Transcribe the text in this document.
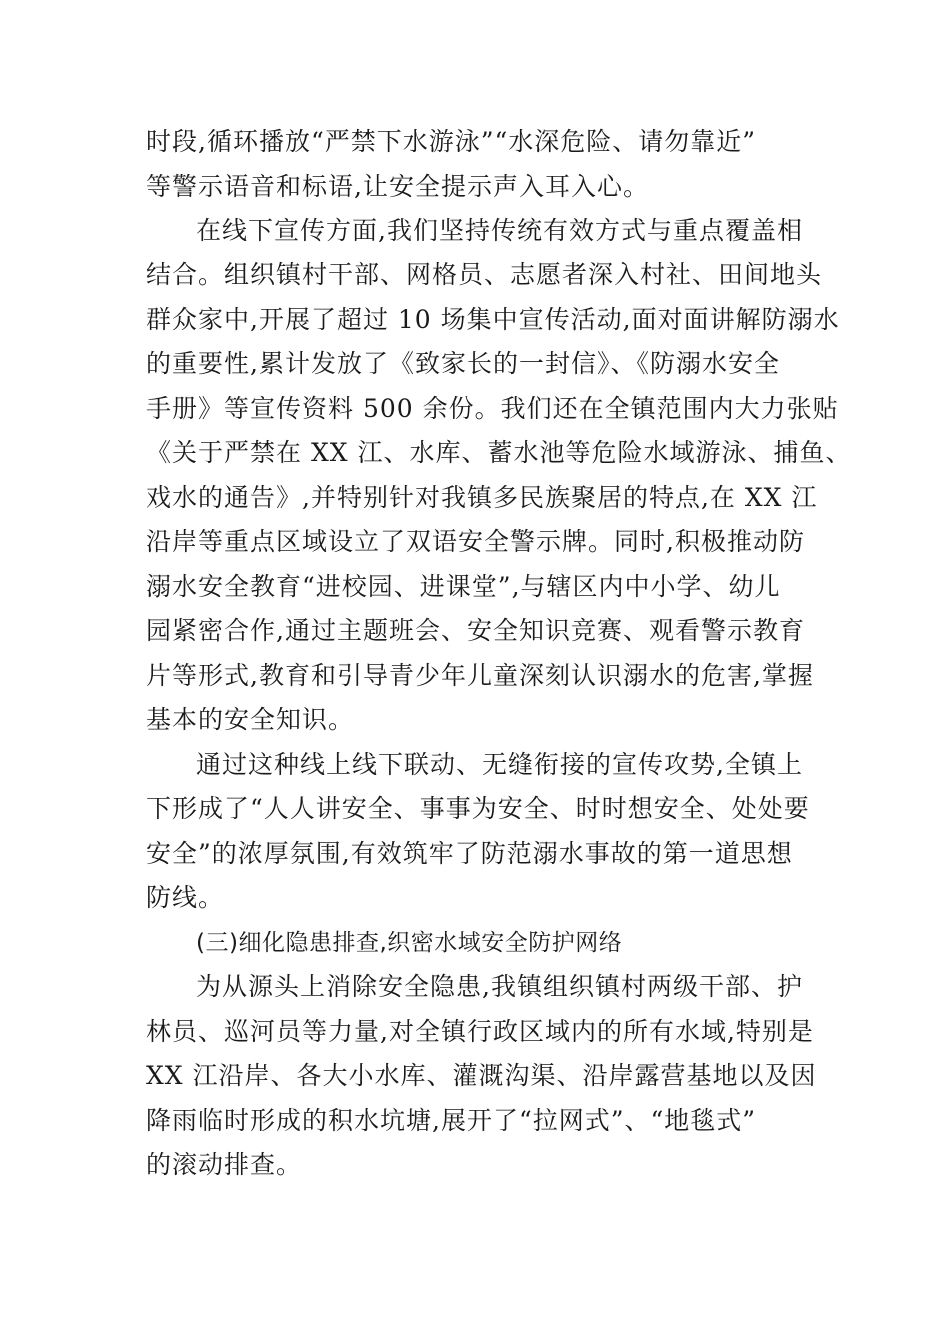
时段,循环播放“严禁下水游泳”“水深危险、请勿靠近”
等警示语音和标语,让安全提示声入耳入心。
在线下宣传方面,我们坚持传统有效方式与重点覆盖相
结合。组织镇村干部、网格员、志愿者深入村社、田间地头
群众家中,开展了超过 10 场集中宣传活动,面对面讲解防溺水
的重要性,累计发放了《致家长的一封信》、《防溺水安全
手册》等宣传资料 500 余份。我们还在全镇范围内大力张贴
《关于严禁在 XX 江、水库、蓄水池等危险水域游泳、捕鱼、
戏水的通告》,并特别针对我镇多民族聚居的特点,在 XX 江
沿岸等重点区域设立了双语安全警示牌。同时,积极推动防
溺水安全教育“进校园、进课堂”,与辖区内中小学、幼儿
园紧密合作,通过主题班会、安全知识竞赛、观看警示教育
片等形式,教育和引导青少年儿童深刻认识溺水的危害,掌握
基本的安全知识。
通过这种线上线下联动、无缝衔接的宣传攻势,全镇上
下形成了“人人讲安全、事事为安全、时时想安全、处处要
安全”的浓厚氛围,有效筑牢了防范溺水事故的第一道思想
防线。
(三)细化隐患排查,织密水域安全防护网络
为从源头上消除安全隐患,我镇组织镇村两级干部、护
林员、巡河员等力量,对全镇行政区域内的所有水域,特别是
XX 江沿岸、各大小水库、灌溉沟渠、沿岸露营基地以及因
降雨临时形成的积水坑塘,展开了“拉网式”、“地毯式”
的滚动排查。
